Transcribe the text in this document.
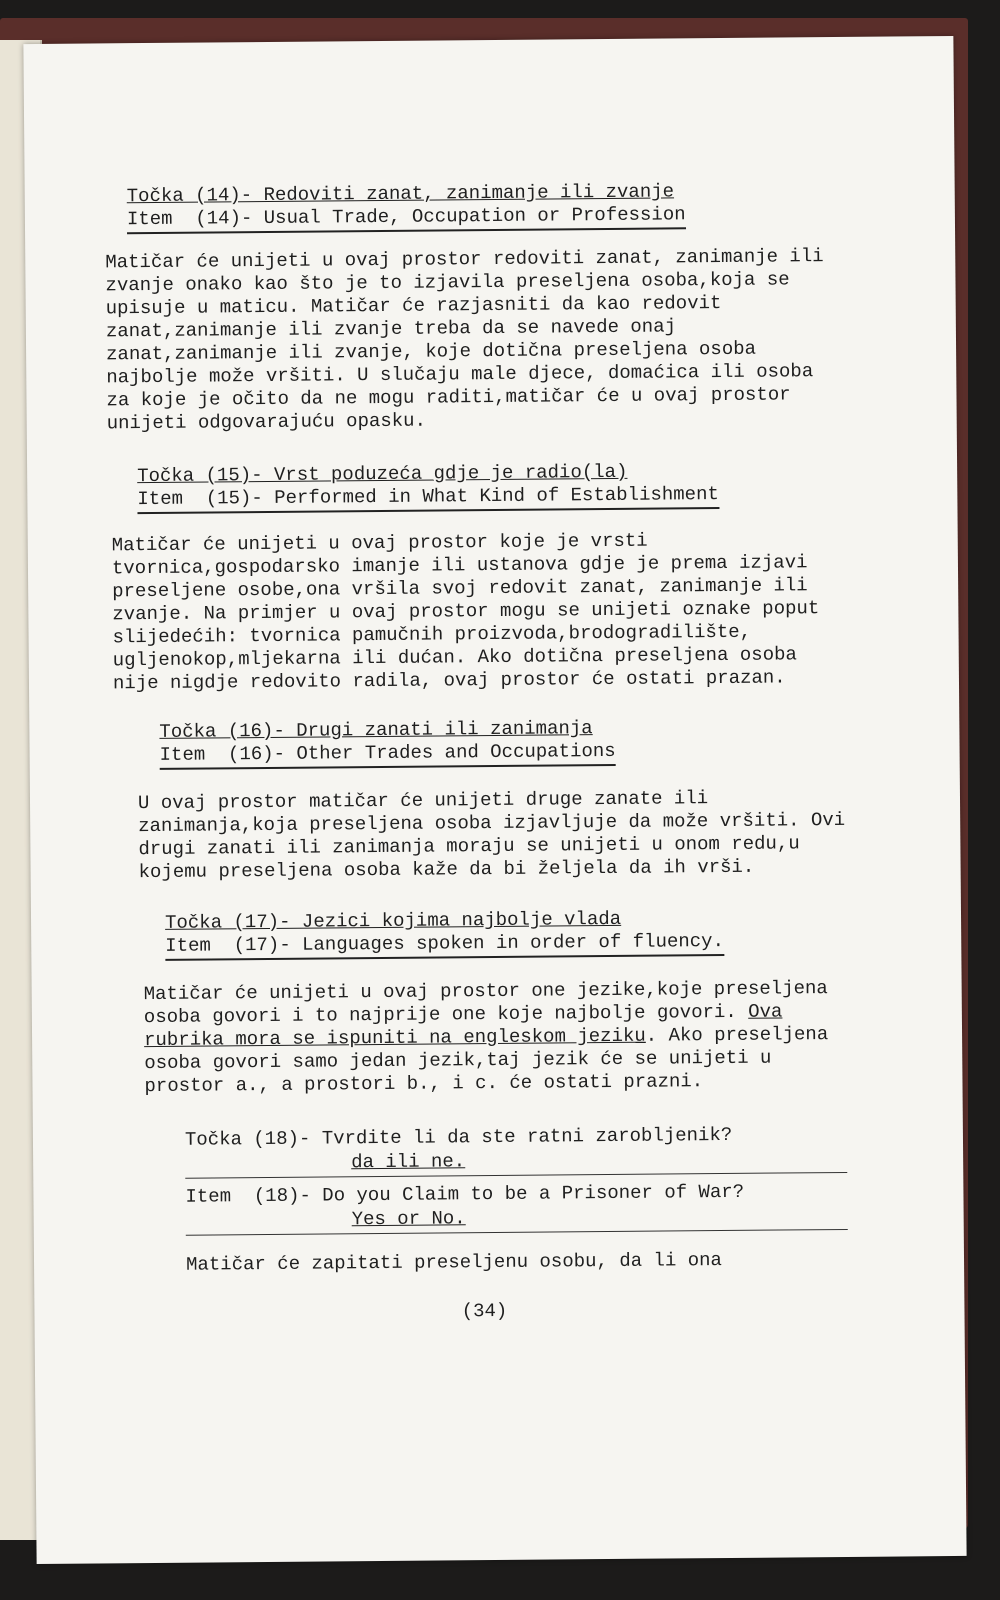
Točka (14)- Redoviti zanat, zanimanje ili zvanje
Item  (14)- Usual Trade, Occupation or Profession

Matičar će unijeti u ovaj prostor redoviti zanat, zanimanje ili zvanje onako kao što je to izjavila preseljena osoba,koja se upisuje u maticu. Matičar će razjasniti da kao redovit zanat,zanimanje ili zvanje treba da se navede onaj zanat,zanimanje ili zvanje, koje dotična preseljena osoba najbolje može vršiti. U slučaju male djece, domaćica ili osoba za koje je očito da ne mogu raditi,matičar će u ovaj prostor unijeti odgovarajuću opasku.

Točka (15)- Vrst poduzeća gdje je radio(la)
Item  (15)- Performed in What Kind of Establishment

Matičar će unijeti u ovaj prostor koje je vrsti tvornica,gospodarsko imanje ili ustanova gdje je prema izjavi preseljene osobe,ona vršila svoj redovit zanat, zanimanje ili zvanje. Na primjer u ovaj prostor mogu se unijeti oznake poput slijedećih: tvornica pamučnih proizvoda,brodogradilište, ugljenokop,mljekarna ili dućan. Ako dotična preseljena osoba nije nigdje redovito radila, ovaj prostor će ostati prazan.

Točka (16)- Drugi zanati ili zanimanja
Item  (16)- Other Trades and Occupations

U ovaj prostor matičar će unijeti druge zanate ili zanimanja,koja preseljena osoba izjavljuje da može vršiti. Ovi drugi zanati ili zanimanja moraju se unijeti u onom redu,u kojemu preseljena osoba kaže da bi željela da ih vrši.

Točka (17)- Jezici kojima najbolje vlada
Item  (17)- Languages spoken in order of fluency.

Matičar će unijeti u ovaj prostor one jezike,koje preseljena osoba govori i to najprije one koje najbolje govori. Ova rubrika mora se ispuniti na engleskom jeziku. Ako preseljena osoba govori samo jedan jezik,taj jezik će se unijeti u prostor a., a prostori b., i c. će ostati prazni.

Točka (18)- Tvrdite li da ste ratni zarobljenik?
da ili ne.
Item  (18)- Do you Claim to be a Prisoner of War?
Yes or No.

Matičar će zapitati preseljenu osobu, da li ona

(34)
